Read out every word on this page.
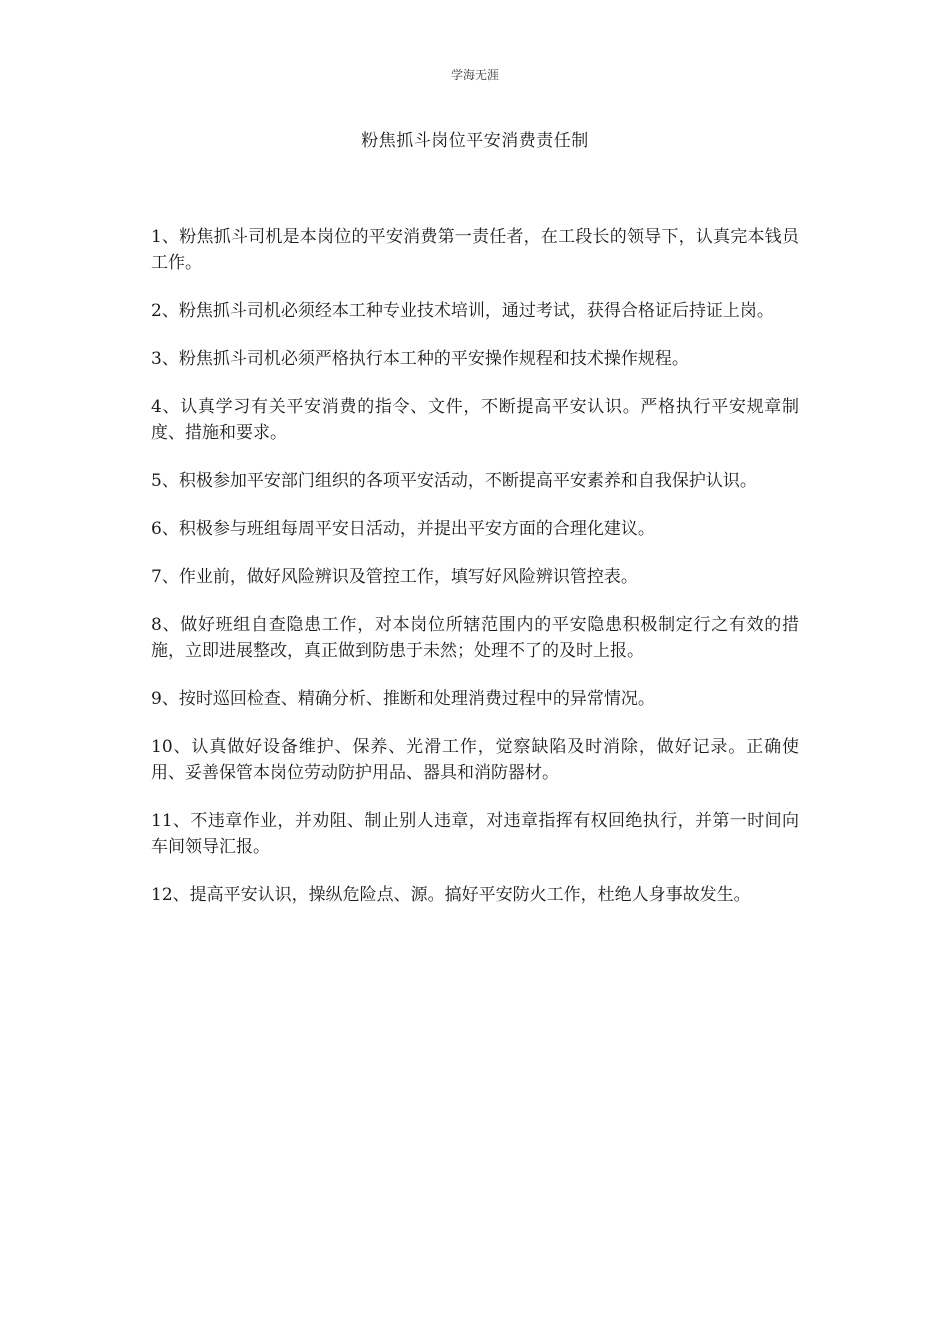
学海无涯
粉焦抓斗岗位平安消费责任制

1、粉焦抓斗司机是本岗位的平安消费第一责任者，在工段长的领导下，认真完本钱员工作。

2、粉焦抓斗司机必须经本工种专业技术培训，通过考试，获得合格证后持证上岗。

3、粉焦抓斗司机必须严格执行本工种的平安操作规程和技术操作规程。

4、认真学习有关平安消费的指令、文件，不断提高平安认识。严格执行平安规章制度、措施和要求。

5、积极参加平安部门组织的各项平安活动，不断提高平安素养和自我保护认识。

6、积极参与班组每周平安日活动，并提出平安方面的合理化建议。

7、作业前，做好风险辨识及管控工作，填写好风险辨识管控表。

8、做好班组自查隐患工作，对本岗位所辖范围内的平安隐患积极制定行之有效的措施，立即进展整改，真正做到防患于未然；处理不了的及时上报。

9、按时巡回检查、精确分析、推断和处理消费过程中的异常情况。

10、认真做好设备维护、保养、光滑工作，觉察缺陷及时消除，做好记录。正确使用、妥善保管本岗位劳动防护用品、器具和消防器材。

11、不违章作业，并劝阻、制止别人违章，对违章指挥有权回绝执行，并第一时间向车间领导汇报。

12、提高平安认识，操纵危险点、源。搞好平安防火工作，杜绝人身事故发生。
